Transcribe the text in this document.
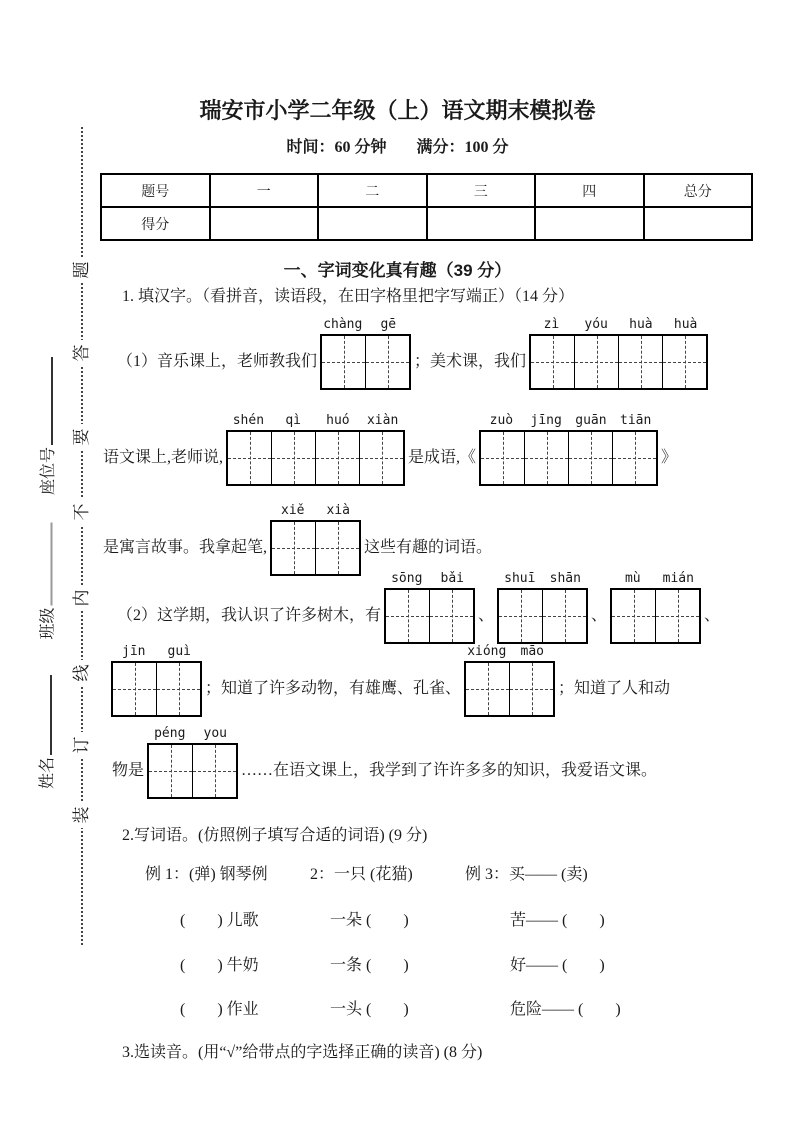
题
答
要
不
内
线
订
装
座位号
班级
姓名
瑞安市小学二年级（上）语文期末模拟卷
时间：60 分钟 满分：100 分
题号	一	二	三	四	总分
得分					
一、字词变化真有趣（39 分）
1. 填汉字。（看拼音，读语段，在田字格里把字写端正）（14 分）
（1）音乐课上，老师教我们
chàng	gē
；美术课，我们
zì	yóu	huà	huà
语文课上,老师说,
shén	qì	huó	xiàn
是成语,《
zuò	jīng	guān	tiān
》
是寓言故事。我拿起笔,
xiě	xià
这些有趣的词语。
（2）这学期，我认识了许多树木，有
sōng	bǎi
、
shuī	shān
、
mù	mián
、
jīn	guì
；知道了许多动物，有雄鹰、孔雀、
xióng	māo
；知道了人和动
物是
péng	you
……在语文课上，我学到了许许多多的知识，我爱语文课。
2.写词语。(仿照例子填写合适的词语) (9 分)
例 1：(弹) 钢琴例	2：一只 (花猫)	例 3：买—— (卖)
(　　) 儿歌	一朵 (　　)	苦—— (　　)
(　　) 牛奶	一条 (　　)	好—— (　　)
(　　) 作业	一头 (　　)	危险—— (　　)
3.选读音。(用“√”给带点的字选择正确的读音) (8 分)
